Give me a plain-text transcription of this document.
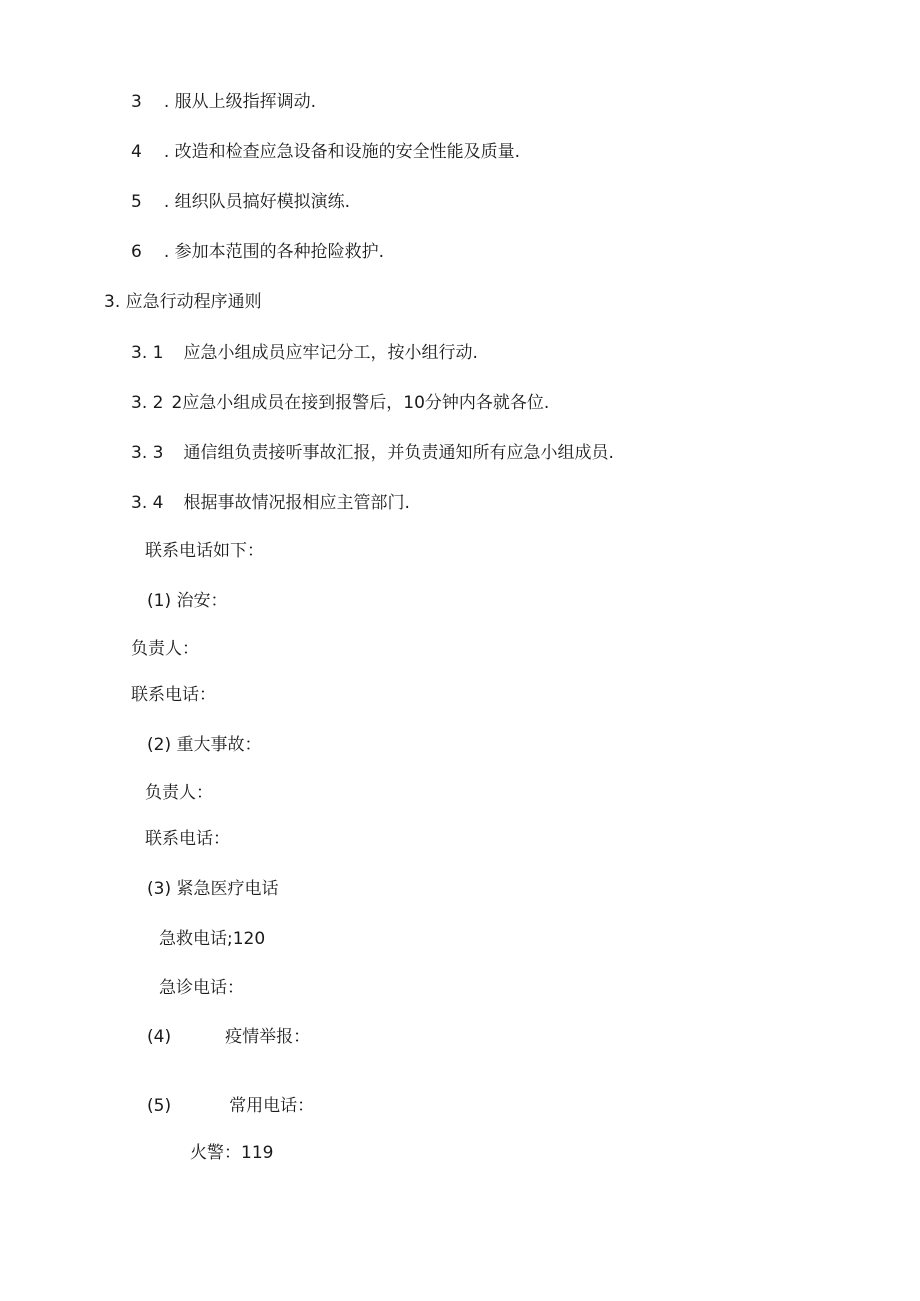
3 . 服从上级指挥调动.
4 . 改造和检查应急设备和设施的安全性能及质量.
5 . 组织队员搞好模拟演练.
6 . 参加本范围的各种抢险救护.
3. 应急行动程序通则
3. 1 应急小组成员应牢记分工，按小组行动.
3. 2 2应急小组成员在接到报警后，10分钟内各就各位.
3. 3 通信组负责接听事故汇报，并负责通知所有应急小组成员.
3. 4 根据事故情况报相应主管部门.
联系电话如下：
(1) 治安：
负责人：
联系电话：
(2) 重大事故：
负责人：
联系电话：
(3) 紧急医疗电话
急救电话;120
急诊电话：
(4)	疫情举报：
(5)	常用电话：
火警：119
